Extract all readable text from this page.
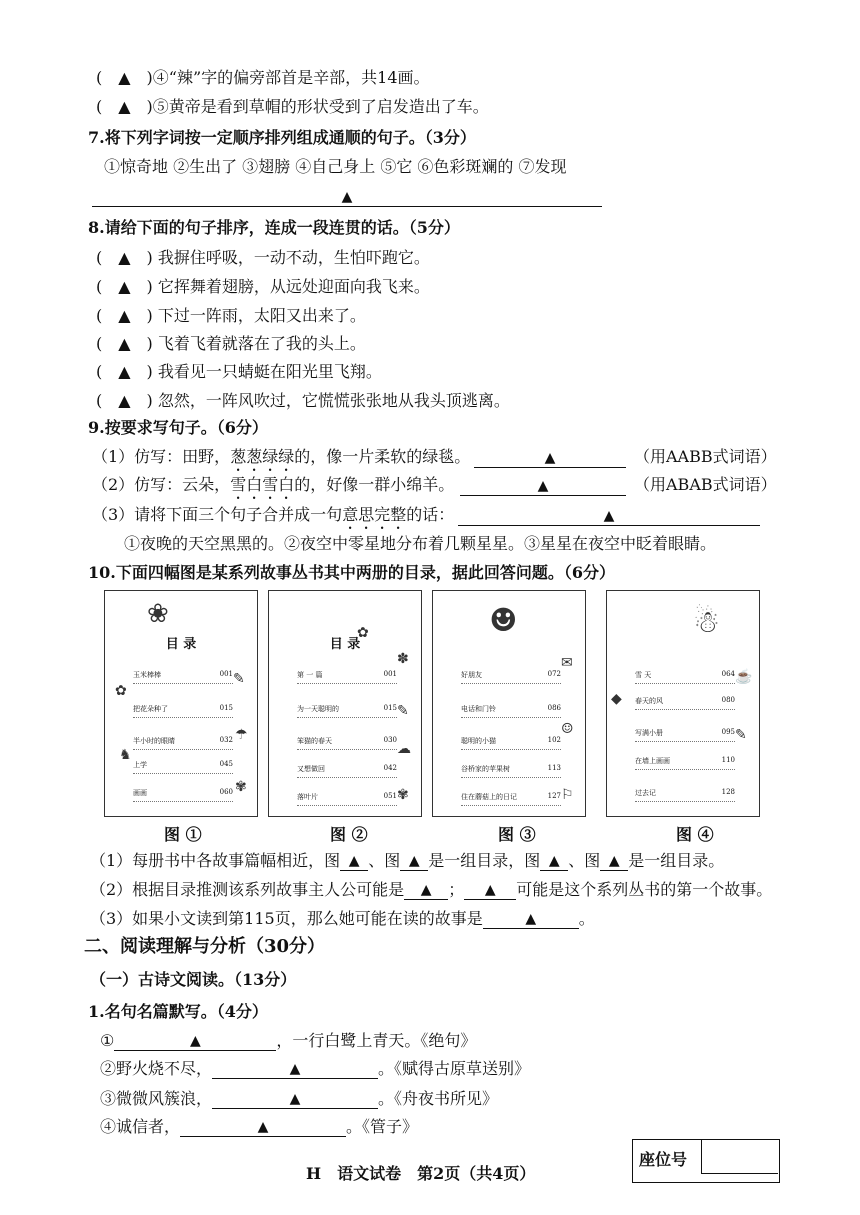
(　▲　)④“辣”字的偏旁部首是辛部，共14画。
(　▲　)⑤黄帝是看到草帽的形状受到了启发造出了车。
7.将下列字词按一定顺序排列组成通顺的句子。（3分）
①惊奇地 ②生出了 ③翅膀 ④自己身上 ⑤它 ⑥色彩斑斓的 ⑦发现
▲
8.请给下面的句子排序，连成一段连贯的话。（5分）
(　▲　) 我摒住呼吸，一动不动，生怕吓跑它。
(　▲　) 它挥舞着翅膀，从远处迎面向我飞来。
(　▲　) 下过一阵雨，太阳又出来了。
(　▲　) 飞着飞着就落在了我的头上。
(　▲　) 我看见一只蜻蜓在阳光里飞翔。
(　▲　) 忽然，一阵风吹过，它慌慌张张地从我头顶逃离。
9.按要求写句子。（6分）
（1）仿写：田野，葱葱绿绿的，像一片柔软的绿毯。	▲	（用AABB式词语）
（2）仿写：云朵，雪白雪白的，好像一群小绵羊。	▲	（用ABAB式词语）
（3）请将下面三个句子合并成一句意思完整的话：	▲
①夜晚的天空黑黑的。②夜空中零星地分布着几颗星星。③星星在夜空中眨着眼睛。
10.下面四幅图是某系列故事丛书其中两册的目录，据此回答问题。（6分）
❀
目 录
玉米棒棒	001
把花朵种了	015
半小时的眼睛	032
上学	045
画画	060
✿
✎
☂
♞
✾
目 录
✿
第 一 篇	001
为一天聪明的	015
笨猫的春天	030
又想做回	042
落叶片	051
✽
✎
☁
✾
☻
好朋友	072
电话和门铃	086
聪明的小猫	102
谷桥家的苹果树	113
住在蘑菇上的日记	127
✉
☺
⚐
☃
雪 天	064
春天的风	080
写满小册	095
在墙上画画	110
过去记	128
☕
◆
✎
图 ①	图 ②	图 ③	图 ④
（1）每册书中各故事篇幅相近，图 ▲ 、图 ▲ 是一组目录，图 ▲ 、图 ▲ 是一组目录。
（2）根据目录推测该系列故事主人公可能是 ▲ ； ▲ 可能是这个系列丛书的第一个故事。
（3）如果小文读到第115页，那么她可能在读的故事是	▲	。
二、阅读理解与分析（30分）
（一）古诗文阅读。（13分）
1.名句名篇默写。（4分）
①	▲	，一行白鹭上青天。《绝句》
②野火烧不尽，	▲	。《赋得古原草送别》
③微微风簇浪，	▲	。《舟夜书所见》
④诚信者，	▲	。《管子》
H　语文试卷　第2页（共4页）
座位号
